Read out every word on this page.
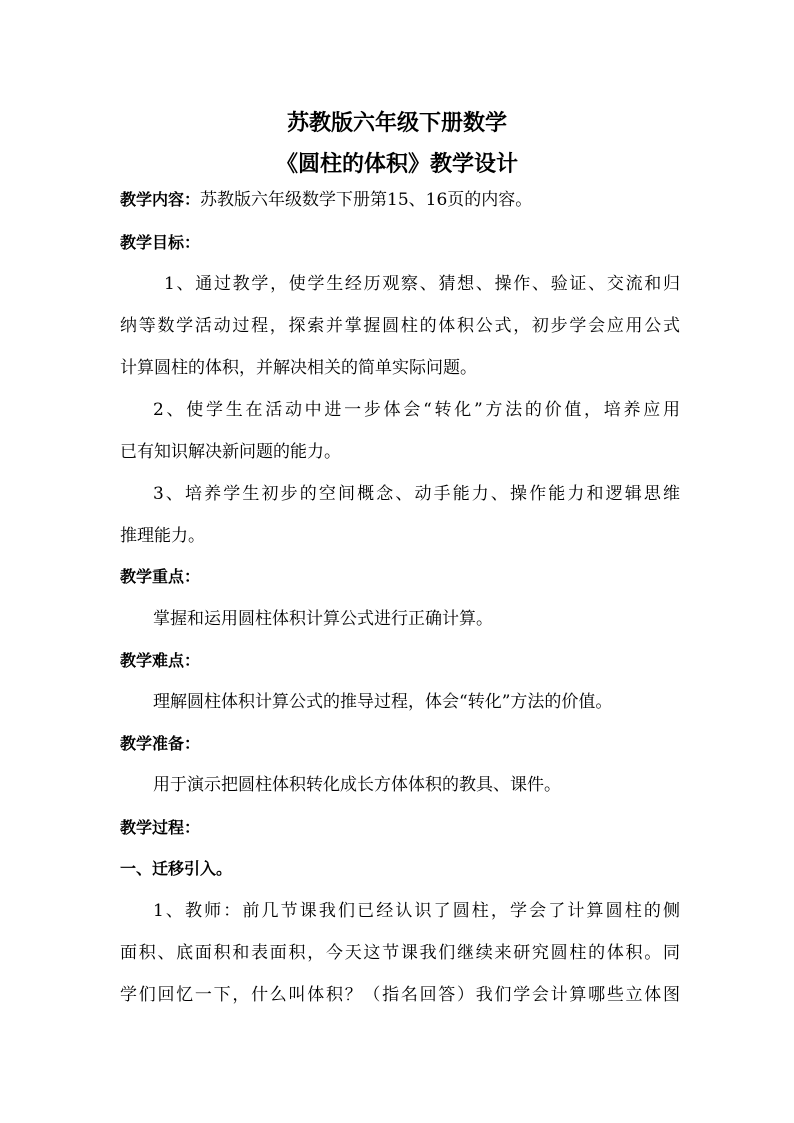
苏教版六年级下册数学
《圆柱的体积》教学设计
教学内容：苏教版六年级数学下册第15、16页的内容。
教学目标：
1、通过教学，使学生经历观察、猜想、操作、验证、交流和归
纳等数学活动过程，探索并掌握圆柱的体积公式，初步学会应用公式
计算圆柱的体积，并解决相关的简单实际问题。
2、使学生在活动中进一步体会“转化”方法的价值，培养应用
已有知识解决新问题的能力。
3、培养学生初步的空间概念、动手能力、操作能力和逻辑思维
推理能力。
教学重点：
掌握和运用圆柱体积计算公式进行正确计算。
教学难点：
理解圆柱体积计算公式的推导过程，体会“转化”方法的价值。
教学准备：
用于演示把圆柱体积转化成长方体体积的教具、课件。
教学过程：
一、迁移引入。
1、教师：前几节课我们已经认识了圆柱，学会了计算圆柱的侧
面积、底面积和表面积，今天这节课我们继续来研究圆柱的体积。同
学们回忆一下，什么叫体积？（指名回答）我们学会计算哪些立体图
